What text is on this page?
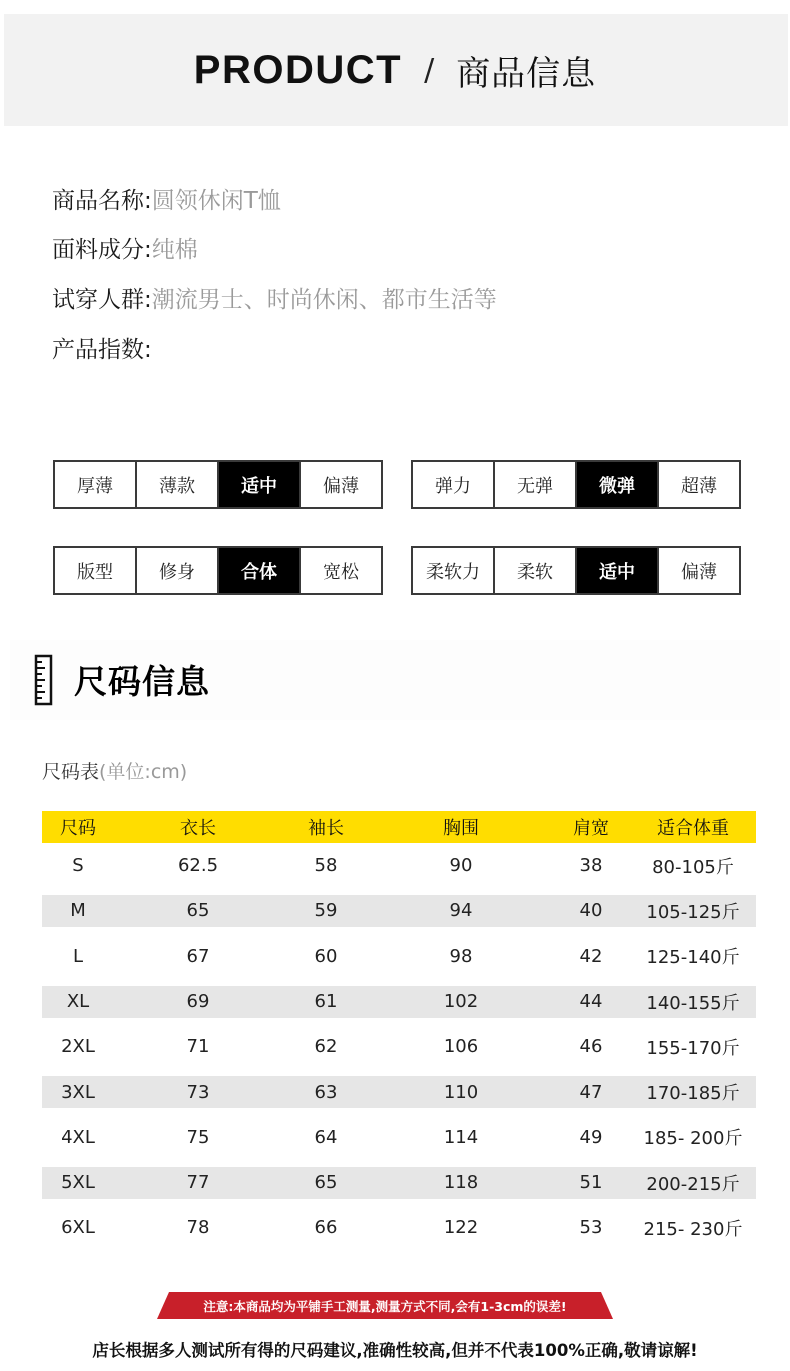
PRODUCT / 商品信息
商品名称:圆领休闲T恤
面料成分:纯棉
试穿人群:潮流男士、时尚休闲、都市生活等
产品指数:
厚薄	薄款	适中	偏薄	弹力	无弹	微弹	超薄
版型	修身	合体	宽松	柔软力	柔软	适中	偏薄
尺码信息
尺码表(单位:cm)
尺码	衣长	袖长	胸围	肩宽	适合体重
S	62.5	58	90	38	80-105斤
M	65	59	94	40	105-125斤
L	67	60	98	42	125-140斤
XL	69	61	102	44	140-155斤
2XL	71	62	106	46	155-170斤
3XL	73	63	110	47	170-185斤
4XL	75	64	114	49	185- 200斤
5XL	77	65	118	51	200-215斤
6XL	78	66	122	53	215- 230斤
注意:本商品均为平铺手工测量,测量方式不同,会有1-3cm的误差!
店长根据多人测试所有得的尺码建议,准确性较高,但并不代表100%正确,敬请谅解!
